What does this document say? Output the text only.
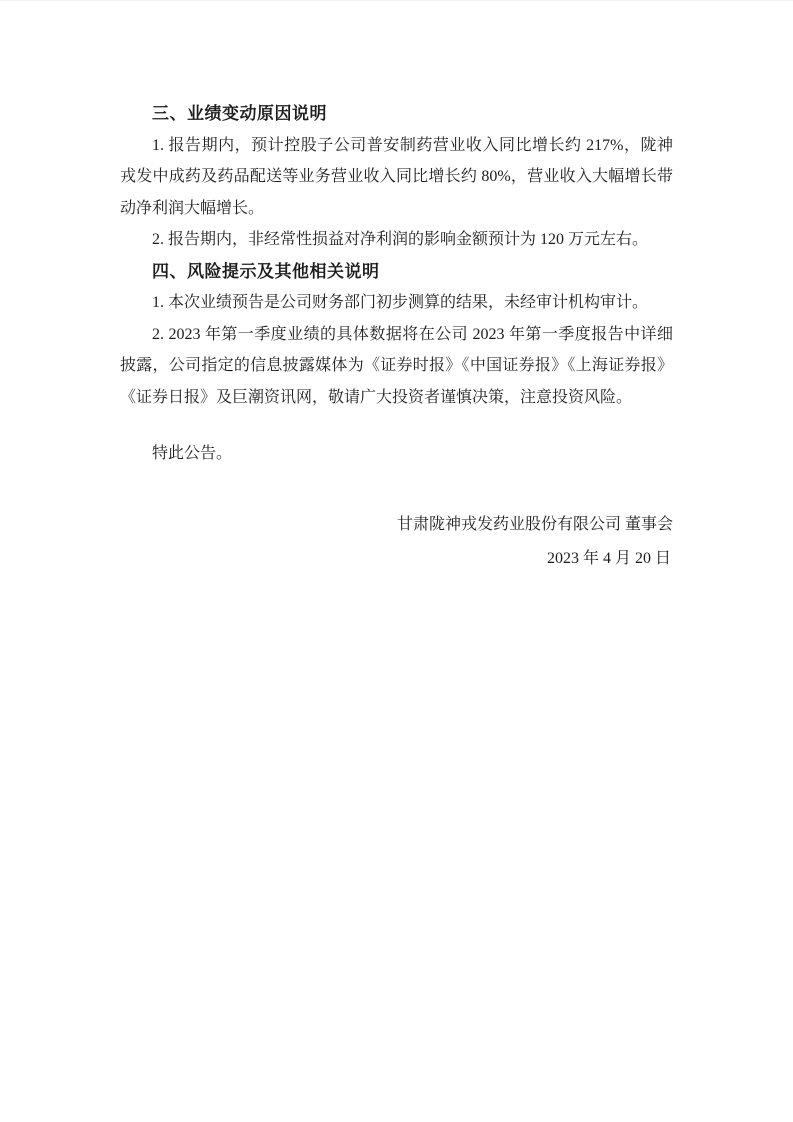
三、业绩变动原因说明

1. 报告期内，预计控股子公司普安制药营业收入同比增长约 217%，陇神戎发中成药及药品配送等业务营业收入同比增长约 80%，营业收入大幅增长带动净利润大幅增长。

2. 报告期内，非经常性损益对净利润的影响金额预计为 120 万元左右。

四、风险提示及其他相关说明

1. 本次业绩预告是公司财务部门初步测算的结果，未经审计机构审计。

2. 2023 年第一季度业绩的具体数据将在公司 2023 年第一季度报告中详细披露，公司指定的信息披露媒体为《证券时报》《中国证券报》《上海证券报》《证券日报》及巨潮资讯网，敬请广大投资者谨慎决策，注意投资风险。

特此公告。

甘肃陇神戎发药业股份有限公司 董事会

2023 年 4 月 20 日
